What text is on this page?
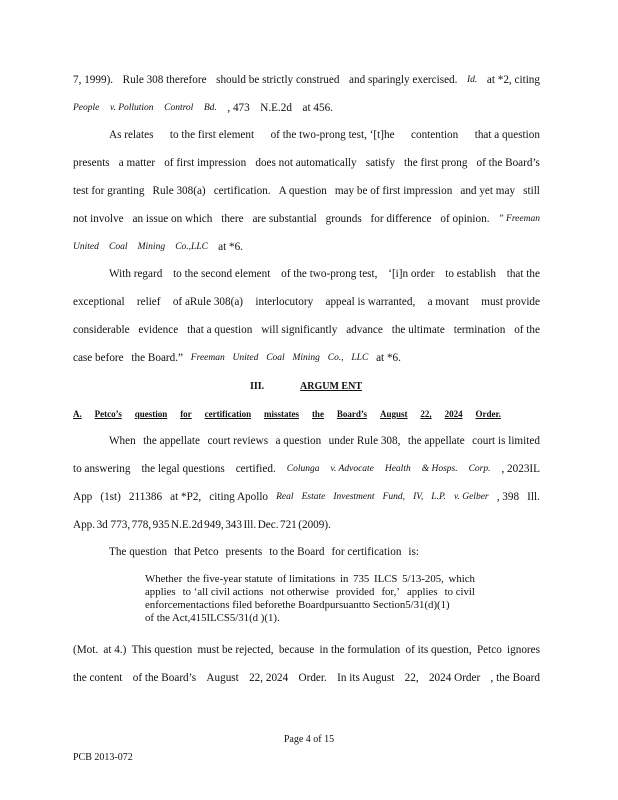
7, 1999). Rule 308 therefore should be strictly construed and sparingly exercised. Id. at *2, citing
People v. Pollution Control Bd. , 473 N.E.2d at 456.
As relates to the first element of the two-prong test, ‘[t]he contention that a question
presents a matter of first impression does not automatically satisfy the first prong of the Board’s
test for granting Rule 308(a) certification. A question may be of first impression and yet may still
not involve an issue on which there are substantial grounds for difference of opinion. ” Freeman
United Coal Mining Co.,LLC at *6.
With regard to the second element of the two-prong test, ‘[i]n order to establish that the
exceptional relief of aRule 308(a) interlocutory appeal is warranted, a movant must provide
considerable evidence that a question will significantly advance the ultimate termination of the
case before the Board.” Freeman United Coal Mining Co., LLC at *6.
III.	ARGUM ENT
A. Petco’s question for certification misstates the Board’s August 22, 2024 Order.
When the appellate court reviews a question under Rule 308, the appellate court is limited
to answering the legal questions certified. Colunga v. Advocate Health & Hosps. Corp. , 2023IL
App (1st) 211386 at *P2, citing Apollo Real Estate Investment Fund, IV, L.P. v. Gelber , 398 Ill.
App. 3d 773, 778, 935 N.E.2d 949, 343 Ill. Dec. 721 (2009).
The question that Petco presents to the Board for certification is:
Whether the five-year statute of limitations in 735 ILCS 5/13-205, which
applies to ‘all civil actions not otherwise provided for,’ applies to civil
enforcement actions filed before the Board pursuant to Section 5/31(d)(1)
of the Act, 415 ILCS 5/31(d )(1).
(Mot. at 4.) This question must be rejected, because in the formulation of its question, Petco ignores
the content of the Board’s August 22, 2024 Order. In its August 22, 2024 Order , the Board
Page 4 of 15
PCB 2013-072
